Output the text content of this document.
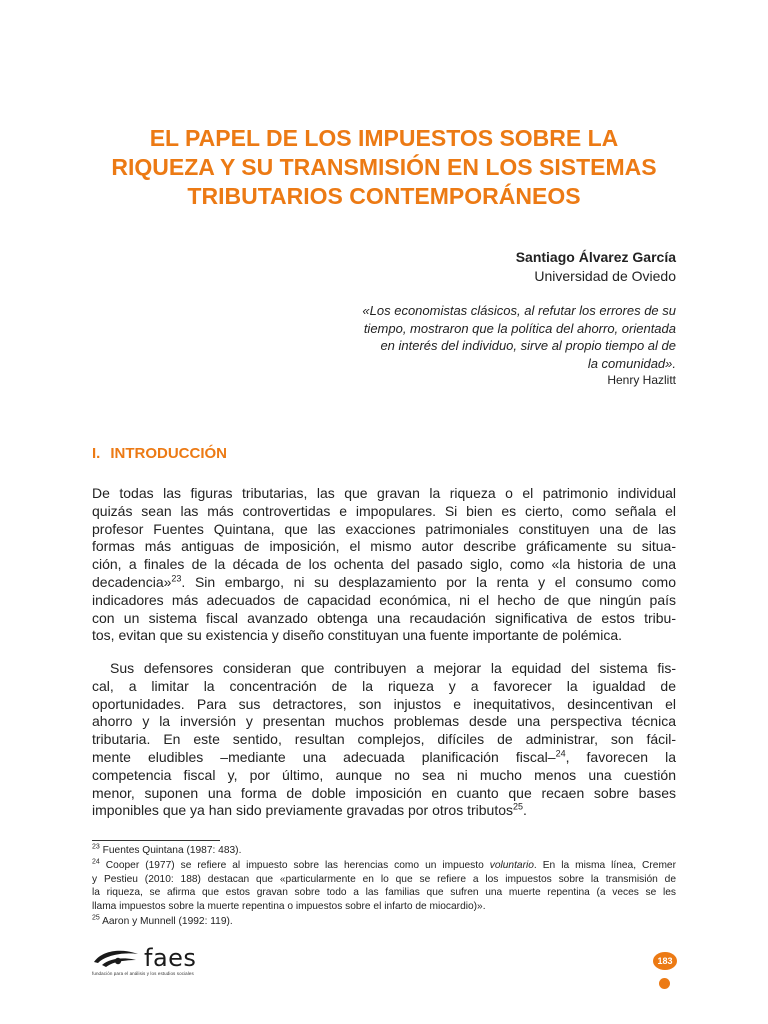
EL PAPEL DE LOS IMPUESTOS SOBRE LA
RIQUEZA Y SU TRANSMISIÓN EN LOS SISTEMAS
TRIBUTARIOS CONTEMPORÁNEOS
Santiago Álvarez García
Universidad de Oviedo
«Los economistas clásicos, al refutar los errores de su
tiempo, mostraron que la política del ahorro, orientada
en interés del individuo, sirve al propio tiempo al de
la comunidad».
Henry Hazlitt
I. INTRODUCCIÓN
De todas las figuras tributarias, las que gravan la riqueza o el patrimonio individual
quizás sean las más controvertidas e impopulares. Si bien es cierto, como señala el
profesor Fuentes Quintana, que las exacciones patrimoniales constituyen una de las
formas más antiguas de imposición, el mismo autor describe gráficamente su situa-
ción, a finales de la década de los ochenta del pasado siglo, como «la historia de una
decadencia»$^{23}$. Sin embargo, ni su desplazamiento por la renta y el consumo como
indicadores más adecuados de capacidad económica, ni el hecho de que ningún país
con un sistema fiscal avanzado obtenga una recaudación significativa de estos tribu-
tos, evitan que su existencia y diseño constituyan una fuente importante de polémica.
Sus defensores consideran que contribuyen a mejorar la equidad del sistema fis-
cal, a limitar la concentración de la riqueza y a favorecer la igualdad de
oportunidades. Para sus detractores, son injustos e inequitativos, desincentivan el
ahorro y la inversión y presentan muchos problemas desde una perspectiva técnica
tributaria. En este sentido, resultan complejos, difíciles de administrar, son fácil-
mente eludibles –mediante una adecuada planificación fiscal–$^{24}$, favorecen la
competencia fiscal y, por último, aunque no sea ni mucho menos una cuestión
menor, suponen una forma de doble imposición en cuanto que recaen sobre bases
imponibles que ya han sido previamente gravadas por otros tributos$^{25}$.
$^{23}$ Fuentes Quintana (1987: 483).
$^{24}$ Cooper (1977) se refiere al impuesto sobre las herencias como un impuesto voluntario. En la misma línea, Cremer
y Pestieu (2010: 188) destacan que «particularmente en lo que se refiere a los impuestos sobre la transmisión de
la riqueza, se afirma que estos gravan sobre todo a las familias que sufren una muerte repentina (a veces se les
llama impuestos sobre la muerte repentina o impuestos sobre el infarto de miocardio)».
$^{25}$ Aaron y Munnell (1992: 119).
faes
fundación para el análisis y los estudios sociales
183
